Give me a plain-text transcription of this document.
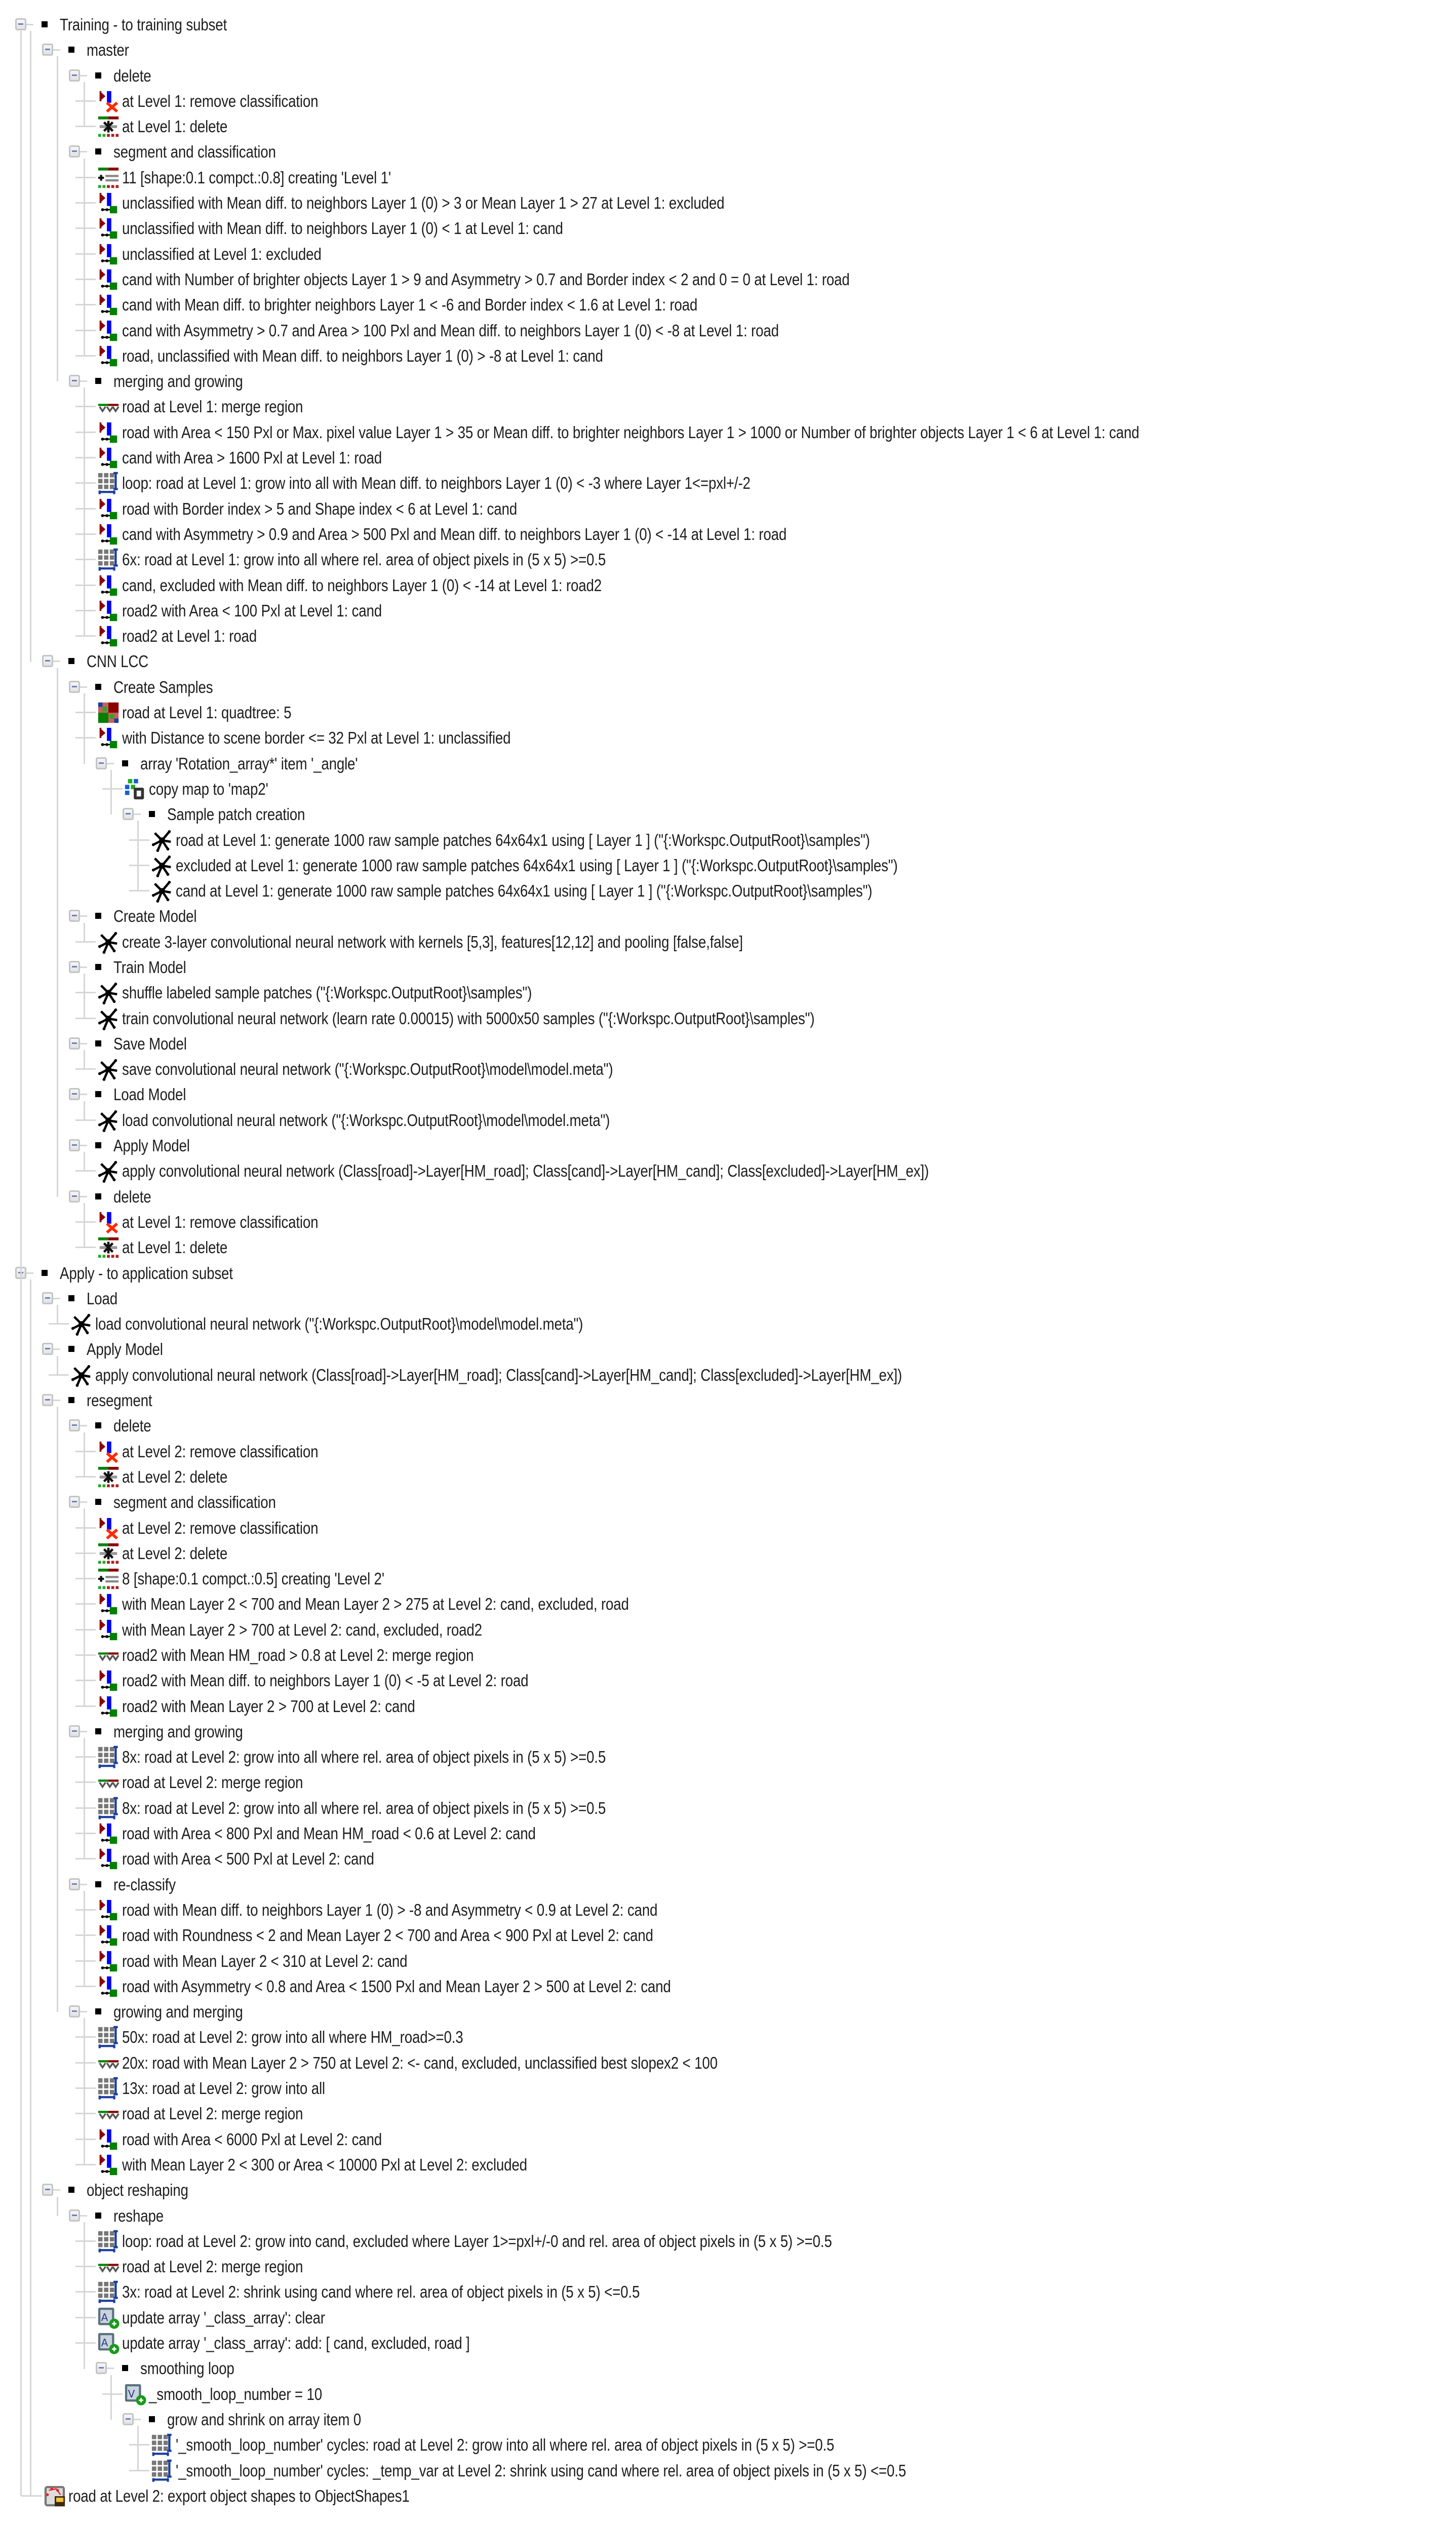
Training - to training subset
master
delete
at Level 1: remove classification
at Level 1: delete
segment and classification
11 [shape:0.1 compct.:0.8] creating 'Level 1'
unclassified with Mean diff. to neighbors Layer 1 (0) > 3 or Mean Layer 1 > 27 at Level 1: excluded
unclassified with Mean diff. to neighbors Layer 1 (0) < 1 at Level 1: cand
unclassified at Level 1: excluded
cand with Number of brighter objects Layer 1 > 9 and Asymmetry > 0.7 and Border index < 2 and 0 = 0 at Level 1: road
cand with Mean diff. to brighter neighbors Layer 1 < -6 and Border index < 1.6 at Level 1: road
cand with Asymmetry > 0.7 and Area > 100 Pxl and Mean diff. to neighbors Layer 1 (0) < -8 at Level 1: road
road, unclassified with Mean diff. to neighbors Layer 1 (0) > -8 at Level 1: cand
merging and growing
road at Level 1: merge region
road with Area < 150 Pxl or Max. pixel value Layer 1 > 35 or Mean diff. to brighter neighbors Layer 1 > 1000 or Number of brighter objects Layer 1 < 6 at Level 1: cand
cand with Area > 1600 Pxl at Level 1: road
loop: road at Level 1: grow into all with Mean diff. to neighbors Layer 1 (0) < -3 where Layer 1<=pxl+/-2
road with Border index > 5 and Shape index < 6 at Level 1: cand
cand with Asymmetry > 0.9 and Area > 500 Pxl and Mean diff. to neighbors Layer 1 (0) < -14 at Level 1: road
6x: road at Level 1: grow into all where rel. area of object pixels in (5 x 5) >=0.5
cand, excluded with Mean diff. to neighbors Layer 1 (0) < -14 at Level 1: road2
road2 with Area < 100 Pxl at Level 1: cand
road2 at Level 1: road
CNN LCC
Create Samples
road at Level 1: quadtree: 5
with Distance to scene border <= 32 Pxl at Level 1: unclassified
array 'Rotation_array*' item '_angle'
copy map to 'map2'
Sample patch creation
road at Level 1: generate 1000 raw sample patches 64x64x1 using [ Layer 1 ] ("{:Workspc.OutputRoot}\samples")
excluded at Level 1: generate 1000 raw sample patches 64x64x1 using [ Layer 1 ] ("{:Workspc.OutputRoot}\samples")
cand at Level 1: generate 1000 raw sample patches 64x64x1 using [ Layer 1 ] ("{:Workspc.OutputRoot}\samples")
Create Model
create 3-layer convolutional neural network with kernels [5,3], features[12,12] and pooling [false,false]
Train Model
shuffle labeled sample patches ("{:Workspc.OutputRoot}\samples")
train convolutional neural network (learn rate 0.00015) with 5000x50 samples ("{:Workspc.OutputRoot}\samples")
Save Model
save convolutional neural network ("{:Workspc.OutputRoot}\model\model.meta")
Load Model
load convolutional neural network ("{:Workspc.OutputRoot}\model\model.meta")
Apply Model
apply convolutional neural network (Class[road]->Layer[HM_road]; Class[cand]->Layer[HM_cand]; Class[excluded]->Layer[HM_ex])
delete
at Level 1: remove classification
at Level 1: delete
Apply - to application subset
Load
load convolutional neural network ("{:Workspc.OutputRoot}\model\model.meta")
Apply Model
apply convolutional neural network (Class[road]->Layer[HM_road]; Class[cand]->Layer[HM_cand]; Class[excluded]->Layer[HM_ex])
resegment
delete
at Level 2: remove classification
at Level 2: delete
segment and classification
at Level 2: remove classification
at Level 2: delete
8 [shape:0.1 compct.:0.5] creating 'Level 2'
with Mean Layer 2 < 700 and Mean Layer 2 > 275 at Level 2: cand, excluded, road
with Mean Layer 2 > 700 at Level 2: cand, excluded, road2
road2 with Mean HM_road > 0.8 at Level 2: merge region
road2 with Mean diff. to neighbors Layer 1 (0) < -5 at Level 2: road
road2 with Mean Layer 2 > 700 at Level 2: cand
merging and growing
8x: road at Level 2: grow into all where rel. area of object pixels in (5 x 5) >=0.5
road at Level 2: merge region
8x: road at Level 2: grow into all where rel. area of object pixels in (5 x 5) >=0.5
road with Area < 800 Pxl and Mean HM_road < 0.6 at Level 2: cand
road with Area < 500 Pxl at Level 2: cand
re-classify
road with Mean diff. to neighbors Layer 1 (0) > -8 and Asymmetry < 0.9 at Level 2: cand
road with Roundness < 2 and Mean Layer 2 < 700 and Area < 900 Pxl at Level 2: cand
road with Mean Layer 2 < 310 at Level 2: cand
road with Asymmetry < 0.8 and Area < 1500 Pxl and Mean Layer 2 > 500 at Level 2: cand
growing and merging
50x: road at Level 2: grow into all where HM_road>=0.3
20x: road with Mean Layer 2 > 750 at Level 2: <- cand, excluded, unclassified best slopex2 < 100
13x: road at Level 2: grow into all
road at Level 2: merge region
road with Area < 6000 Pxl at Level 2: cand
with Mean Layer 2 < 300 or Area < 10000 Pxl at Level 2: excluded
object reshaping
reshape
loop: road at Level 2: grow into cand, excluded where Layer 1>=pxl+/-0 and rel. area of object pixels in (5 x 5) >=0.5
road at Level 2: merge region
3x: road at Level 2: shrink using cand where rel. area of object pixels in (5 x 5) <=0.5
A update array '_class_array': clear
A update array '_class_array': add: [ cand, excluded, road ]
smoothing loop
V _smooth_loop_number = 10
grow and shrink on array item 0
'_smooth_loop_number' cycles: road at Level 2: grow into all where rel. area of object pixels in (5 x 5) >=0.5
'_smooth_loop_number' cycles: _temp_var at Level 2: shrink using cand where rel. area of object pixels in (5 x 5) <=0.5
road at Level 2: export object shapes to ObjectShapes1
